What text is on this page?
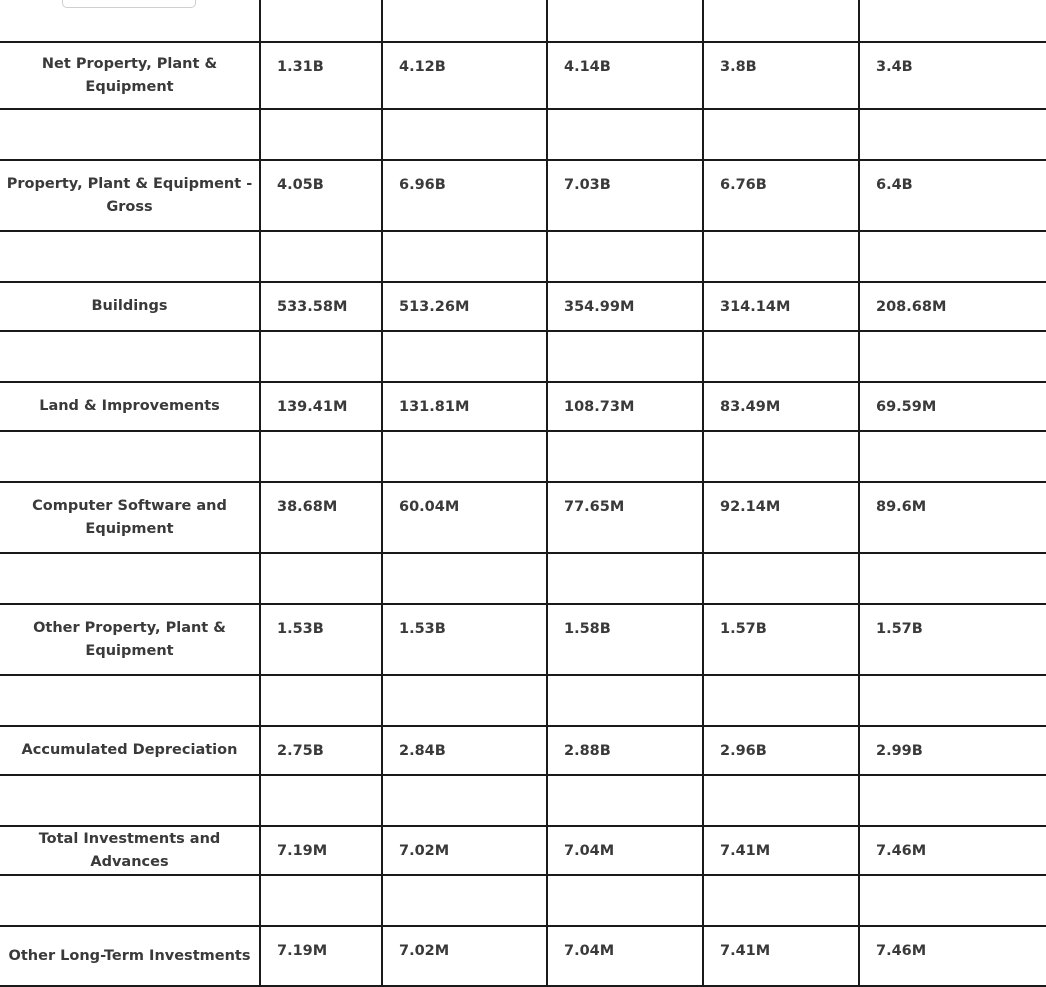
Net Property, Plant & Equipment	1.31B	4.12B	4.14B	3.8B	3.4B

Property, Plant & Equipment - Gross	4.05B	6.96B	7.03B	6.76B	6.4B

Buildings	533.58M	513.26M	354.99M	314.14M	208.68M

Land & Improvements	139.41M	131.81M	108.73M	83.49M	69.59M

Computer Software and Equipment	38.68M	60.04M	77.65M	92.14M	89.6M

Other Property, Plant & Equipment	1.53B	1.53B	1.58B	1.57B	1.57B

Accumulated Depreciation	2.75B	2.84B	2.88B	2.96B	2.99B

Total Investments and Advances	7.19M	7.02M	7.04M	7.41M	7.46M

Other Long-Term Investments	7.19M	7.02M	7.04M	7.41M	7.46M
